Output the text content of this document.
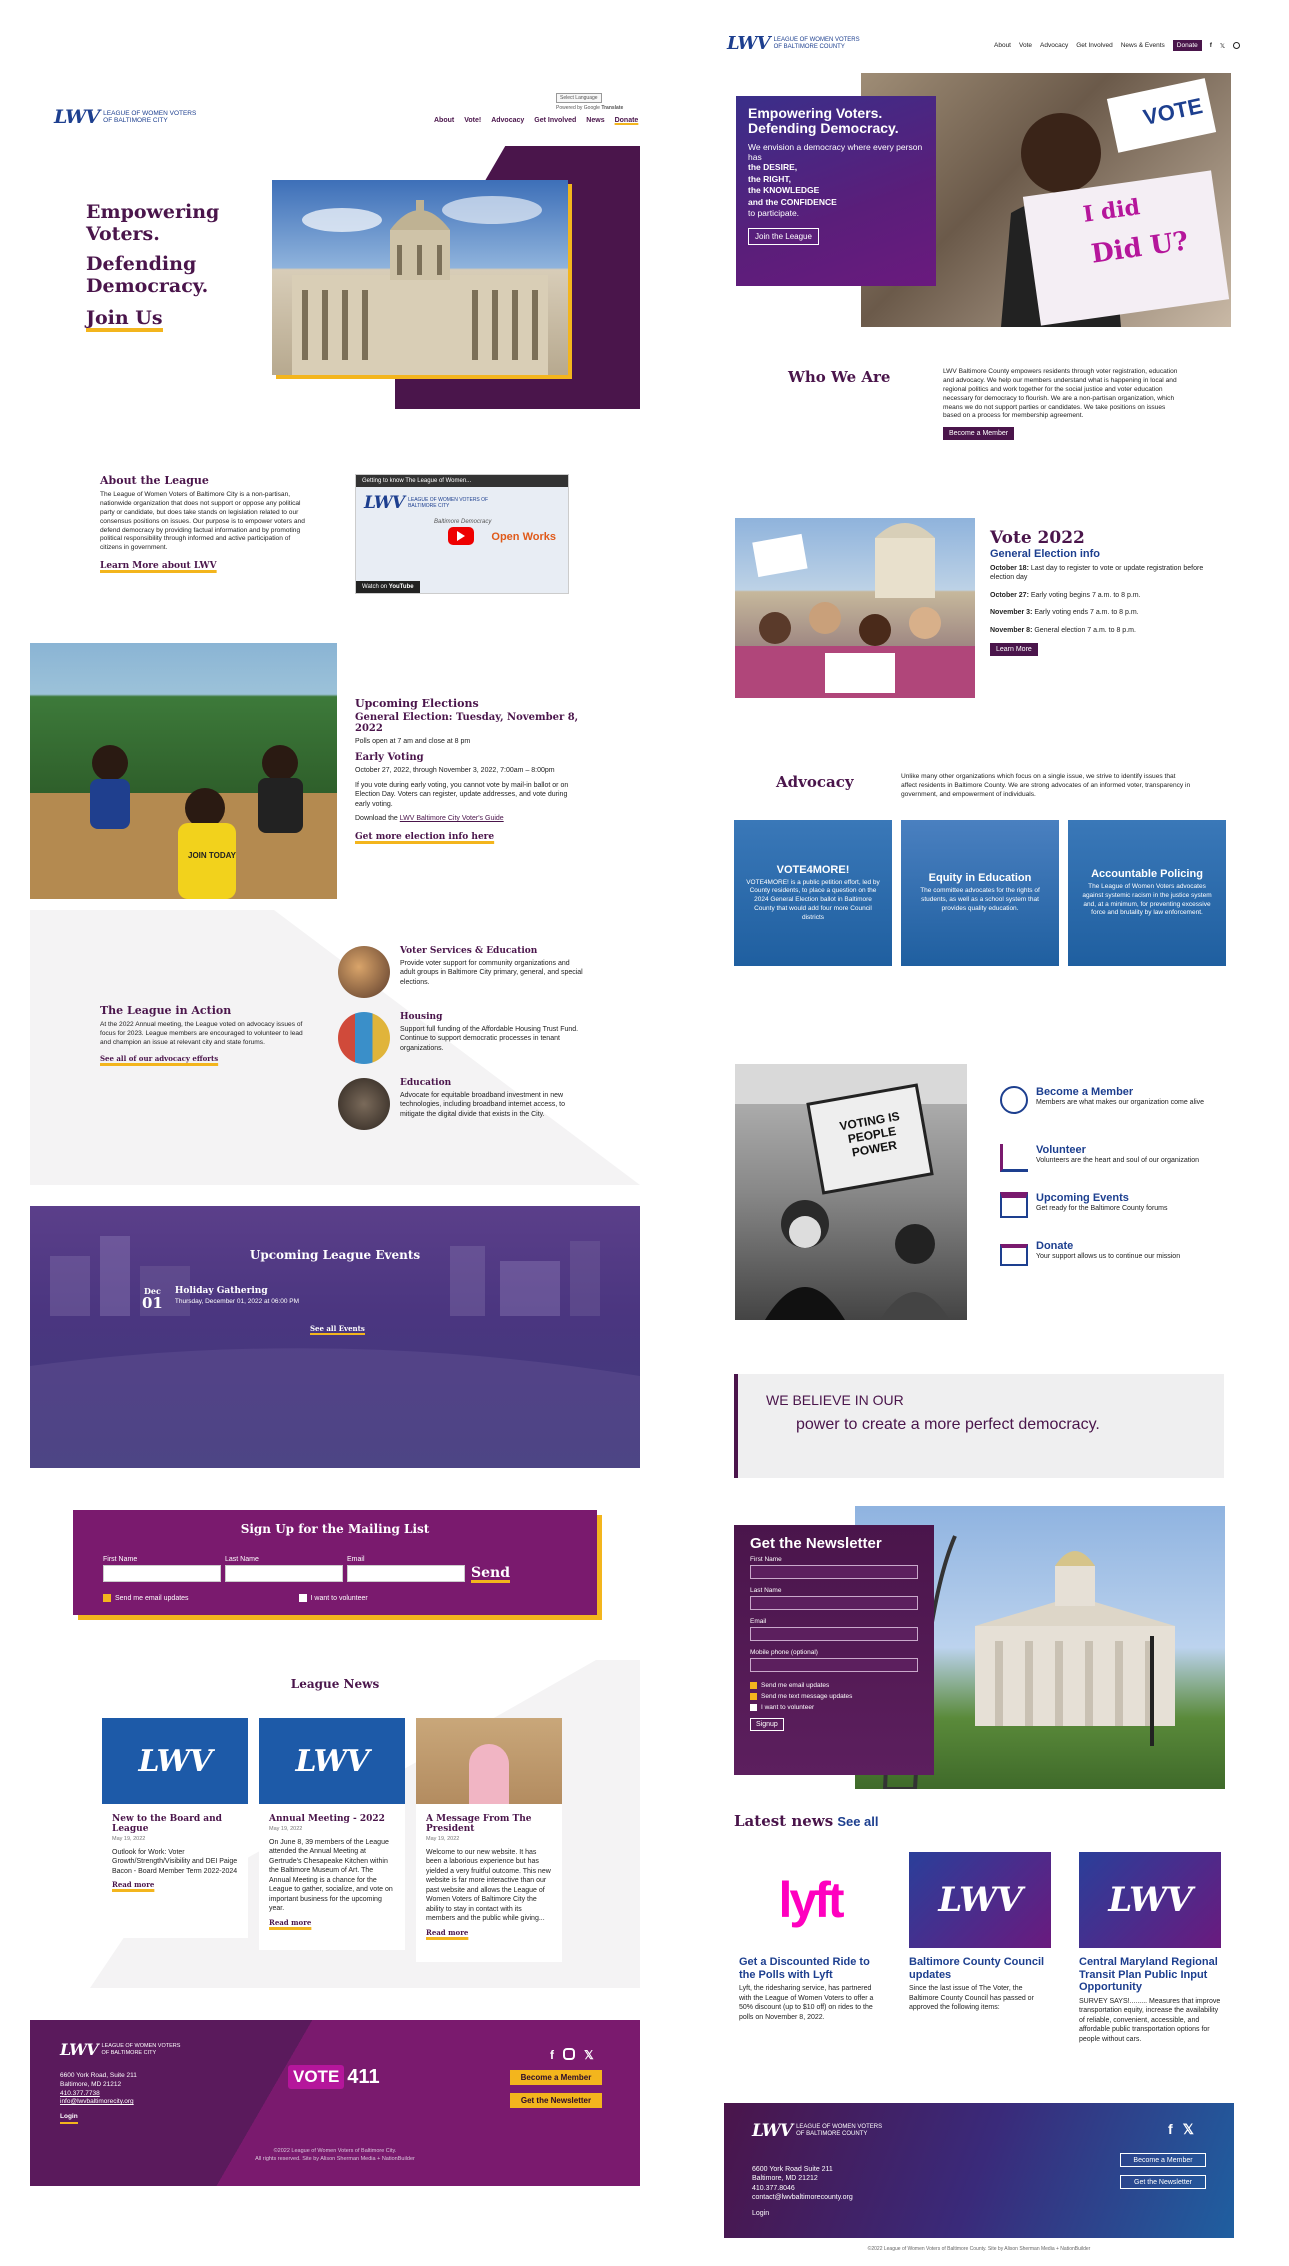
LWV LEAGUE OF WOMEN VOTERS
OF BALTIMORE CITY
Select Language
Powered by Google Translate
About Vote! Advocacy Get Involved News Donate
Empowering
Voters.
Defending
Democracy.
Join Us
About the League
The League of Women Voters of Baltimore City is a non-partisan, nationwide organization that does not support or oppose any political party or candidate, but does take stands on legislation related to our consensus positions on issues. Our purpose is to empower voters and defend democracy by providing factual information and by promoting political responsibility through informed and active participation of citizens in government.
Learn More about LWV
Getting to know The League of Women...
LWV LEAGUE OF WOMEN VOTERS OF BALTIMORE CITY
Baltimore Democracy
Open Works
Watch on YouTube
JOIN TODAY
Upcoming Elections
General Election: Tuesday, November 8, 2022
Polls open at 7 am and close at 8 pm
Early Voting
October 27, 2022, through November 3, 2022, 7:00am – 8:00pm
If you vote during early voting, you cannot vote by mail-in ballot or on Election Day. Voters can register, update addresses, and vote during early voting.
Download the LWV Baltimore City Voter's Guide
Get more election info here
The League in Action
At the 2022 Annual meeting, the League voted on advocacy issues of focus for 2023. League members are encouraged to volunteer to lead and champion an issue at relevant city and state forums.
See all of our advocacy efforts
Voter Services & Education
Provide voter support for community organizations and adult groups in Baltimore City primary, general, and special elections.
Housing
Support full funding of the Affordable Housing Trust Fund. Continue to support democratic processes in tenant organizations.
Education
Advocate for equitable broadband investment in new technologies, including broadband internet access, to mitigate the digital divide that exists in the City.
Upcoming League Events
Dec
01
Holiday Gathering
Thursday, December 01, 2022 at 06:00 PM
See all Events
Sign Up for the Mailing List
First Name	Last Name	Email
Send
Send me email updates	I want to volunteer
League News
LWV
New to the Board and League
May 19, 2022
Outlook for Work: Voter Growth/Strength/Visibility and DEI Paige Bacon - Board Member Term 2022-2024
Read more
LWV
Annual Meeting - 2022
May 19, 2022
On June 8, 39 members of the League attended the Annual Meeting at Gertrude's Chesapeake Kitchen within the Baltimore Museum of Art. The Annual Meeting is a chance for the League to gather, socialize, and vote on important business for the upcoming year.
Read more
A Message From The President
May 19, 2022
Welcome to our new website. It has been a laborious experience but has yielded a very fruitful outcome. This new website is far more interactive than our past website and allows the League of Women Voters of Baltimore City the ability to stay in contact with its members and the public while giving...
Read more
LWV LEAGUE OF WOMEN VOTERS
OF BALTIMORE CITY
6600 York Road, Suite 211
Baltimore, MD 21212
410.377.7738
info@lwvbaltimorecity.org
Login
VOTE 411
f	𝕏
Become a Member
Get the Newsletter
©2022 League of Women Voters of Baltimore City.
All rights reserved. Site by Alison Sherman Media + NationBuilder
LWV LEAGUE OF WOMEN VOTERS
OF BALTIMORE COUNTY	About Vote Advocacy Get Involved News & Events	Donate	f 𝕏
I did
Did U?
VOTE
Empowering Voters.
Defending Democracy.
We envision a democracy where every person has
the DESIRE,
the RIGHT,
the KNOWLEDGE
and the CONFIDENCE
to participate.
Join the League
Who We Are	LWV Baltimore County empowers residents through voter registration, education and advocacy. We help our members understand what is happening in local and regional politics and work together for the social justice and voter education necessary for democracy to flourish. We are a non-partisan organization, which means we do not support parties or candidates. We take positions on issues based on a process for membership agreement.
Become a Member
Vote 2022
General Election info
October 18: Last day to register to vote or update registration before election day
October 27: Early voting begins 7 a.m. to 8 p.m.
November 3: Early voting ends 7 a.m. to 8 p.m.
November 8: General election 7 a.m. to 8 p.m.
Learn More
Advocacy	Unlike many other organizations which focus on a single issue, we strive to identify issues that affect residents in Baltimore County. We are strong advocates of an informed voter, transparency in government, and empowerment of individuals.
VOTE4MORE!
VOTE4MORE! is a public petition effort, led by County residents, to place a question on the 2024 General Election ballot in Baltimore County that would add four more Council districts
Equity in Education
The committee advocates for the rights of students, as well as a school system that provides quality education.
Accountable Policing
The League of Women Voters advocates against systemic racism in the justice system and, at a minimum, for preventing excessive force and brutality by law enforcement.
VOTING IS PEOPLE POWER
Become a Member
Members are what makes our organization come alive
Volunteer
Volunteers are the heart and soul of our organization
Upcoming Events
Get ready for the Baltimore County forums
Donate
Your support allows us to continue our mission
WE BELIEVE IN OUR
power to create a more perfect democracy.
Get the Newsletter
First Name
Last Name
Email
Mobile phone (optional)
Send me email updates
Send me text message updates
I want to volunteer
Signup
Latest news See all
lyft
Get a Discounted Ride to the Polls with Lyft
Lyft, the ridesharing service, has partnered with the League of Women Voters to offer a 50% discount (up to $10 off) on rides to the polls on November 8, 2022.
LWV
Baltimore County Council updates
Since the last issue of The Voter, the Baltimore County Council has passed or approved the following items:
LWV
Central Maryland Regional Transit Plan Public Input Opportunity
SURVEY SAYS!......... Measures that improve transportation equity, increase the availability of reliable, convenient, accessible, and affordable public transportation options for people without cars.
LWV LEAGUE OF WOMEN VOTERS
OF BALTIMORE COUNTY
6600 York Road Suite 211
Baltimore, MD 21212
410.377.8046
contact@lwvbaltimorecounty.org
Login
f 𝕏
Become a Member
Get the Newsletter
©2022 League of Women Voters of Baltimore County. Site by Alison Sherman Media + NationBuilder
